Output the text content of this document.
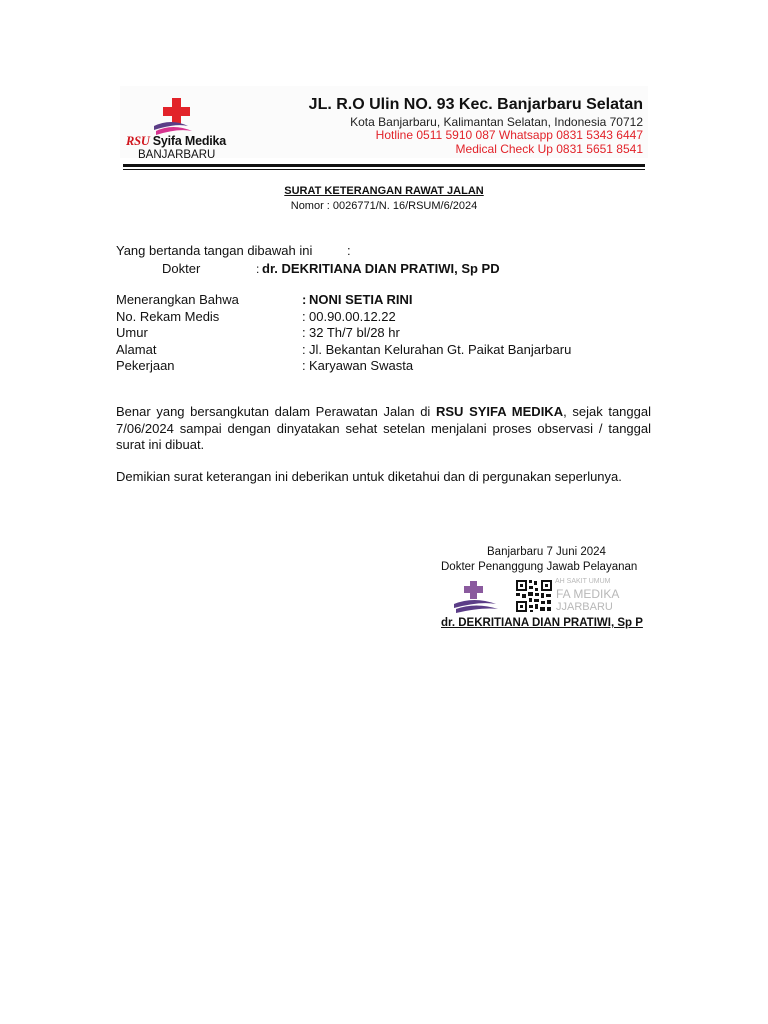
RSU Syifa Medika
BANJARBARU
JL. R.O Ulin NO. 93 Kec. Banjarbaru Selatan
Kota Banjarbaru, Kalimantan Selatan, Indonesia 70712
Hotline 0511 5910 087 Whatsapp 0831 5343 6447
Medical Check Up 0831 5651 8541
SURAT KETERANGAN RAWAT JALAN
Nomor : 0026771/N. 16/RSUM/6/2024
Yang bertanda tangan dibawah ini	:
Dokter	: dr. DEKRITIANA DIAN PRATIWI, Sp PD
Menerangkan Bahwa	: NONI SETIA RINI
No. Rekam Medis	: 00.90.00.12.22
Umur	: 32 Th/7 bl/28 hr
Alamat	: Jl. Bekantan Kelurahan Gt. Paikat Banjarbaru
Pekerjaan	: Karyawan Swasta
Benar yang bersangkutan dalam Perawatan Jalan di RSU SYIFA MEDIKA, sejak tanggal 7/06/2024 sampai dengan dinyatakan sehat setelan menjalani proses observasi / tanggal surat ini dibuat.
Demikian surat keterangan ini deberikan untuk diketahui dan di pergunakan seperlunya.
Banjarbaru 7 Juni 2024
Dokter Penanggung Jawab Pelayanan
AH SAKIT UMUM
FA MEDIKA
JJARBARU
dr. DEKRITIANA DIAN PRATIWI, Sp P
